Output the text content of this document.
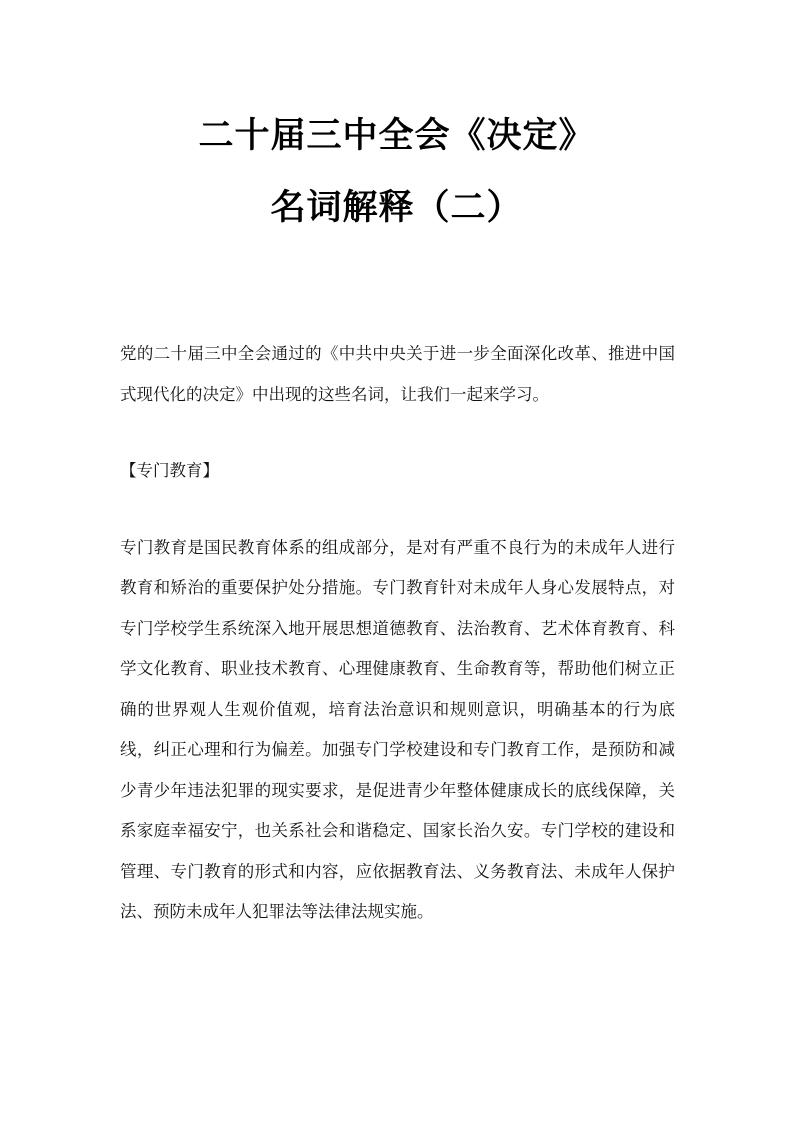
二十届三中全会《决定》
名词解释（二）

党的二十届三中全会通过的《中共中央关于进一步全面深化改革、推进中国式现代化的决定》中出现的这些名词，让我们一起来学习。

【专门教育】

专门教育是国民教育体系的组成部分，是对有严重不良行为的未成年人进行教育和矫治的重要保护处分措施。专门教育针对未成年人身心发展特点，对专门学校学生系统深入地开展思想道德教育、法治教育、艺术体育教育、科学文化教育、职业技术教育、心理健康教育、生命教育等，帮助他们树立正确的世界观人生观价值观，培育法治意识和规则意识，明确基本的行为底线，纠正心理和行为偏差。加强专门学校建设和专门教育工作，是预防和减少青少年违法犯罪的现实要求，是促进青少年整体健康成长的底线保障，关系家庭幸福安宁，也关系社会和谐稳定、国家长治久安。专门学校的建设和管理、专门教育的形式和内容，应依据教育法、义务教育法、未成年人保护法、预防未成年人犯罪法等法律法规实施。
